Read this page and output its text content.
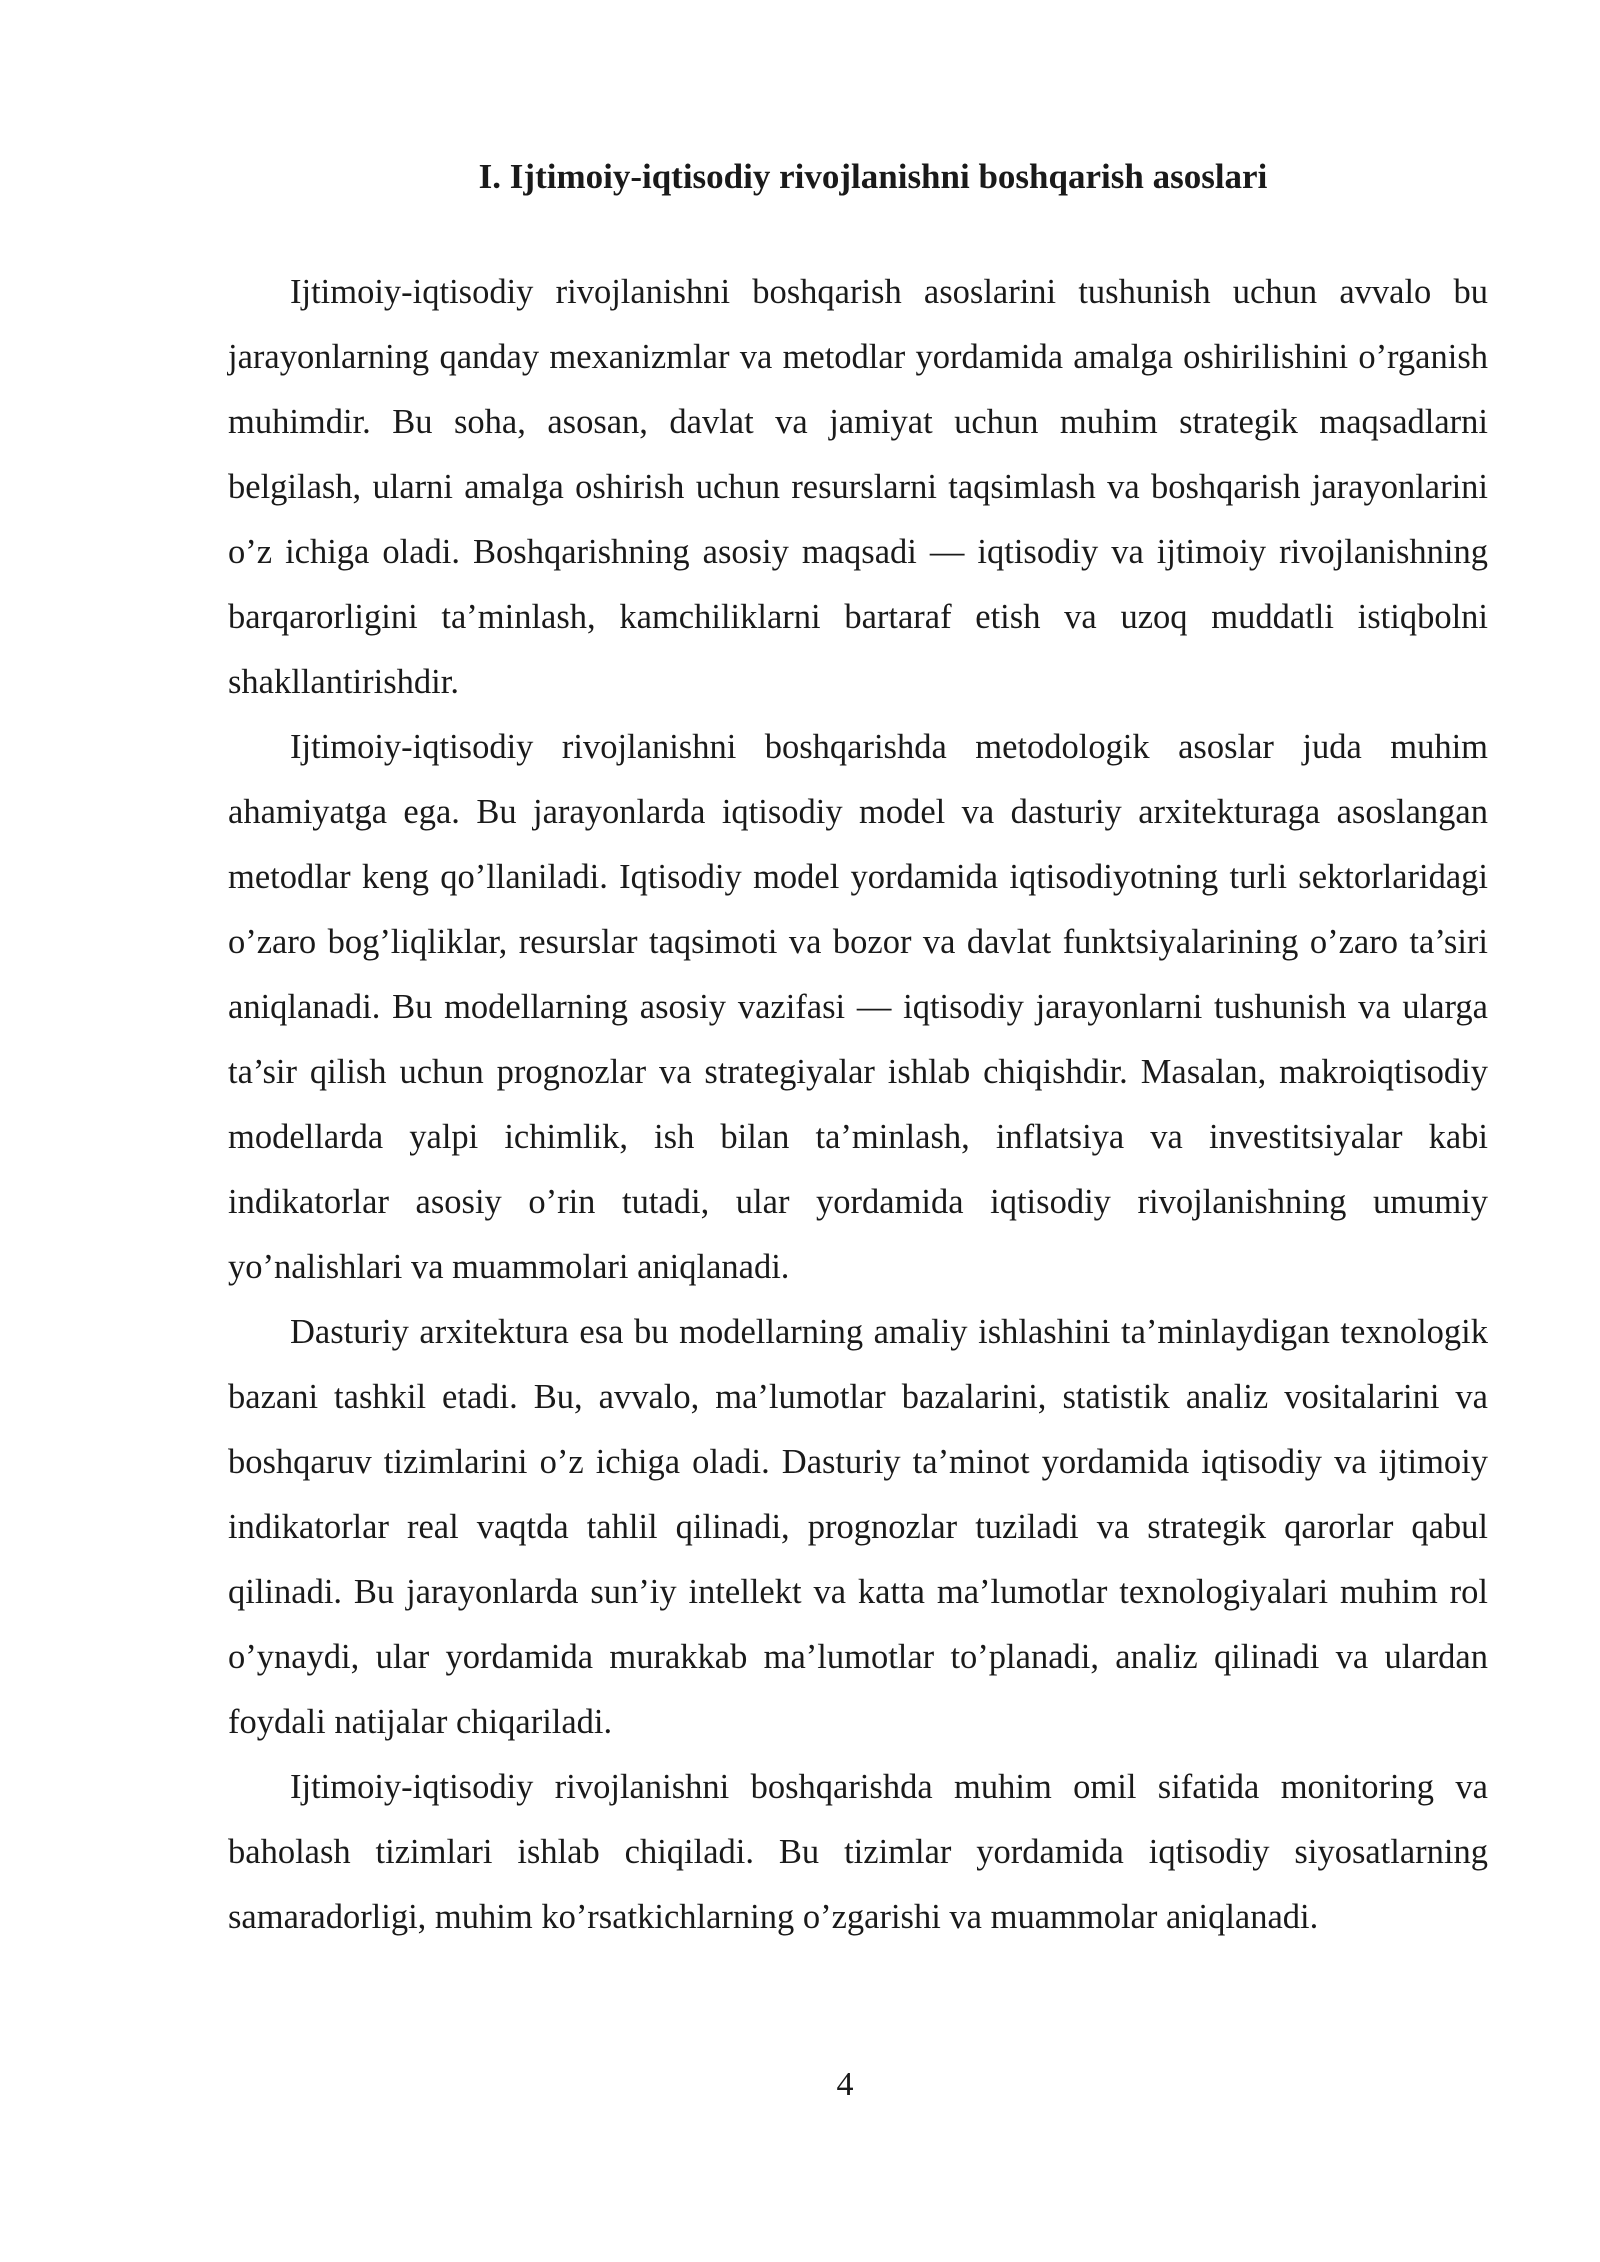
I. Ijtimoiy-iqtisodiy rivojlanishni boshqarish asoslari

Ijtimoiy-iqtisodiy rivojlanishni boshqarish asoslarini tushunish uchun avvalo bu jarayonlarning qanday mexanizmlar va metodlar yordamida amalga oshirilishini o’rganish muhimdir. Bu soha, asosan, davlat va jamiyat uchun muhim strategik maqsadlarni belgilash, ularni amalga oshirish uchun resurslarni taqsimlash va boshqarish jarayonlarini o’z ichiga oladi. Boshqarishning asosiy maqsadi — iqtisodiy va ijtimoiy rivojlanishning barqarorligini ta’minlash, kamchiliklarni bartaraf etish va uzoq muddatli istiqbolni shakllantirishdir.

Ijtimoiy-iqtisodiy rivojlanishni boshqarishda metodologik asoslar juda muhim ahamiyatga ega. Bu jarayonlarda iqtisodiy model va dasturiy arxitekturaga asoslangan metodlar keng qo’llaniladi. Iqtisodiy model yordamida iqtisodiyotning turli sektorlaridagi o’zaro bog’liqliklar, resurslar taqsimoti va bozor va davlat funktsiyalarining o’zaro ta’siri aniqlanadi. Bu modellarning asosiy vazifasi — iqtisodiy jarayonlarni tushunish va ularga ta’sir qilish uchun prognozlar va strategiyalar ishlab chiqishdir. Masalan, makroiqtisodiy modellarda yalpi ichimlik, ish bilan ta’minlash, inflatsiya va investitsiyalar kabi indikatorlar asosiy o’rin tutadi, ular yordamida iqtisodiy rivojlanishning umumiy yo’nalishlari va muammolari aniqlanadi.

Dasturiy arxitektura esa bu modellarning amaliy ishlashini ta’minlaydigan texnologik bazani tashkil etadi. Bu, avvalo, ma’lumotlar bazalarini, statistik analiz vositalarini va boshqaruv tizimlarini o’z ichiga oladi. Dasturiy ta’minot yordamida iqtisodiy va ijtimoiy indikatorlar real vaqtda tahlil qilinadi, prognozlar tuziladi va strategik qarorlar qabul qilinadi. Bu jarayonlarda sun’iy intellekt va katta ma’lumotlar texnologiyalari muhim rol o’ynaydi, ular yordamida murakkab ma’lumotlar to’planadi, analiz qilinadi va ulardan foydali natijalar chiqariladi.

Ijtimoiy-iqtisodiy rivojlanishni boshqarishda muhim omil sifatida monitoring va baholash tizimlari ishlab chiqiladi. Bu tizimlar yordamida iqtisodiy siyosatlarning samaradorligi, muhim ko’rsatkichlarning o’zgarishi va muammolar aniqlanadi.

4
